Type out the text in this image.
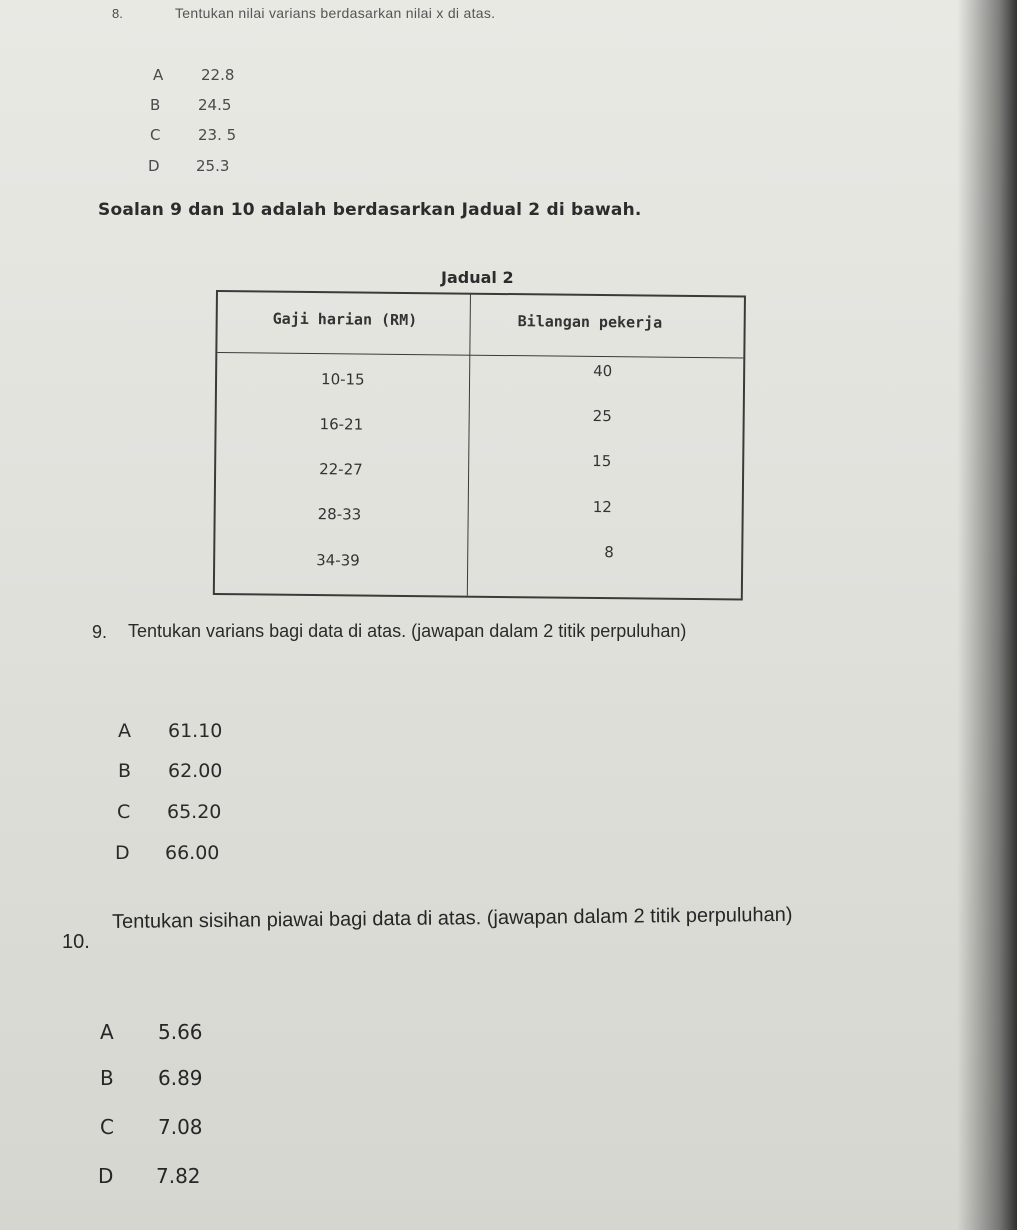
8.	Tentukan nilai varians berdasarkan nilai x di atas.
A	22.8
B	24.5
C	23. 5
D 25.3
Soalan 9 dan 10 adalah berdasarkan Jadual 2 di bawah.
Jadual 2
Gaji harian (RM)	Bilangan pekerja
10-15	40
16-21	25
22-27	15
28-33	12
34-39	8
9. Tentukan varians bagi data di atas. (jawapan dalam 2 titik perpuluhan)
A 61.10
B 62.00
C 65.20
D 66.00
10.
Tentukan sisihan piawai bagi data di atas. (jawapan dalam 2 titik perpuluhan)
A 5.66
B 6.89
C 7.08
D 7.82
